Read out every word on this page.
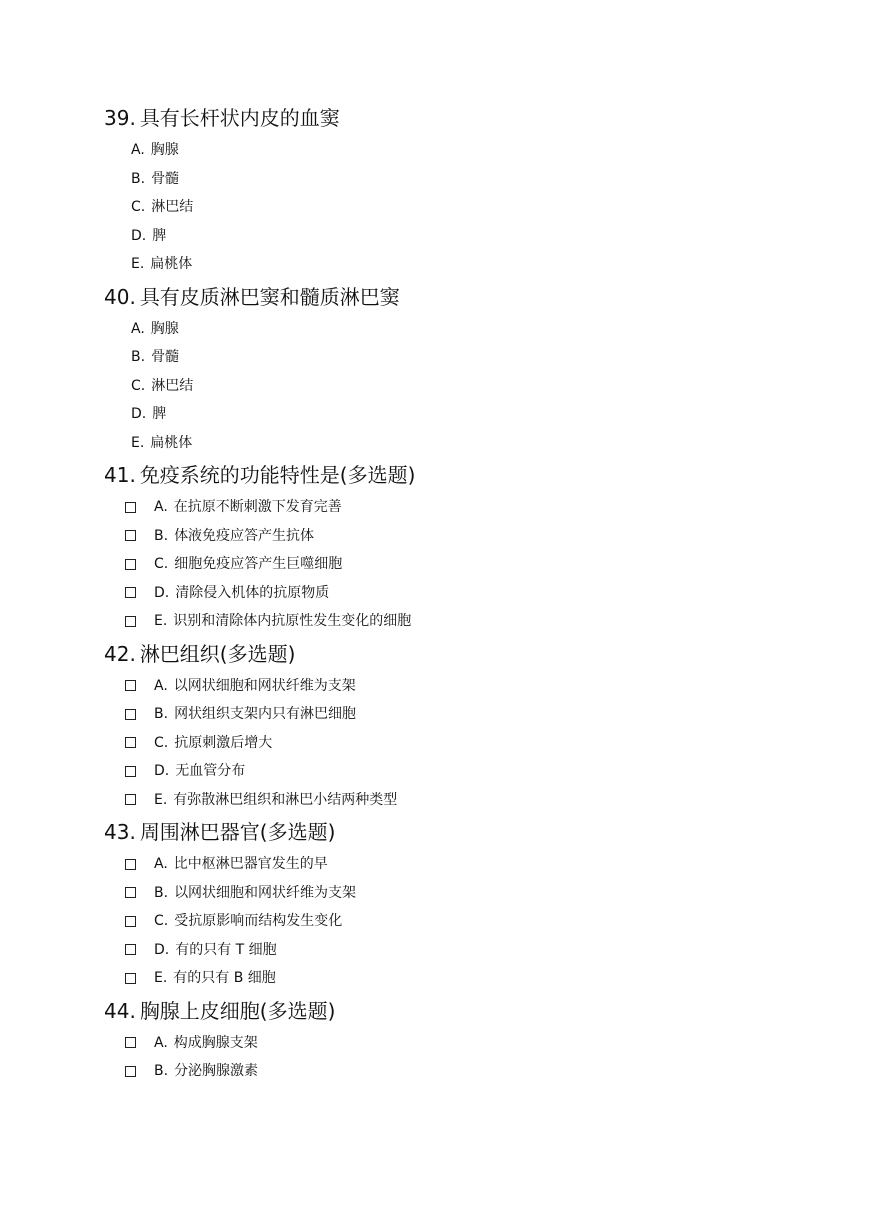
39. 具有长杆状内皮的血窦
A. 胸腺
B. 骨髓
C. 淋巴结
D. 脾
E. 扁桃体
40. 具有皮质淋巴窦和髓质淋巴窦
A. 胸腺
B. 骨髓
C. 淋巴结
D. 脾
E. 扁桃体
41. 免疫系统的功能特性是(多选题)
A. 在抗原不断刺激下发育完善
B. 体液免疫应答产生抗体
C. 细胞免疫应答产生巨噬细胞
D. 清除侵入机体的抗原物质
E. 识别和清除体内抗原性发生变化的细胞
42. 淋巴组织(多选题)
A. 以网状细胞和网状纤维为支架
B. 网状组织支架内只有淋巴细胞
C. 抗原刺激后增大
D. 无血管分布
E. 有弥散淋巴组织和淋巴小结两种类型
43. 周围淋巴器官(多选题)
A. 比中枢淋巴器官发生的早
B. 以网状细胞和网状纤维为支架
C. 受抗原影响而结构发生变化
D. 有的只有 T 细胞
E. 有的只有 B 细胞
44. 胸腺上皮细胞(多选题)
A. 构成胸腺支架
B. 分泌胸腺激素
